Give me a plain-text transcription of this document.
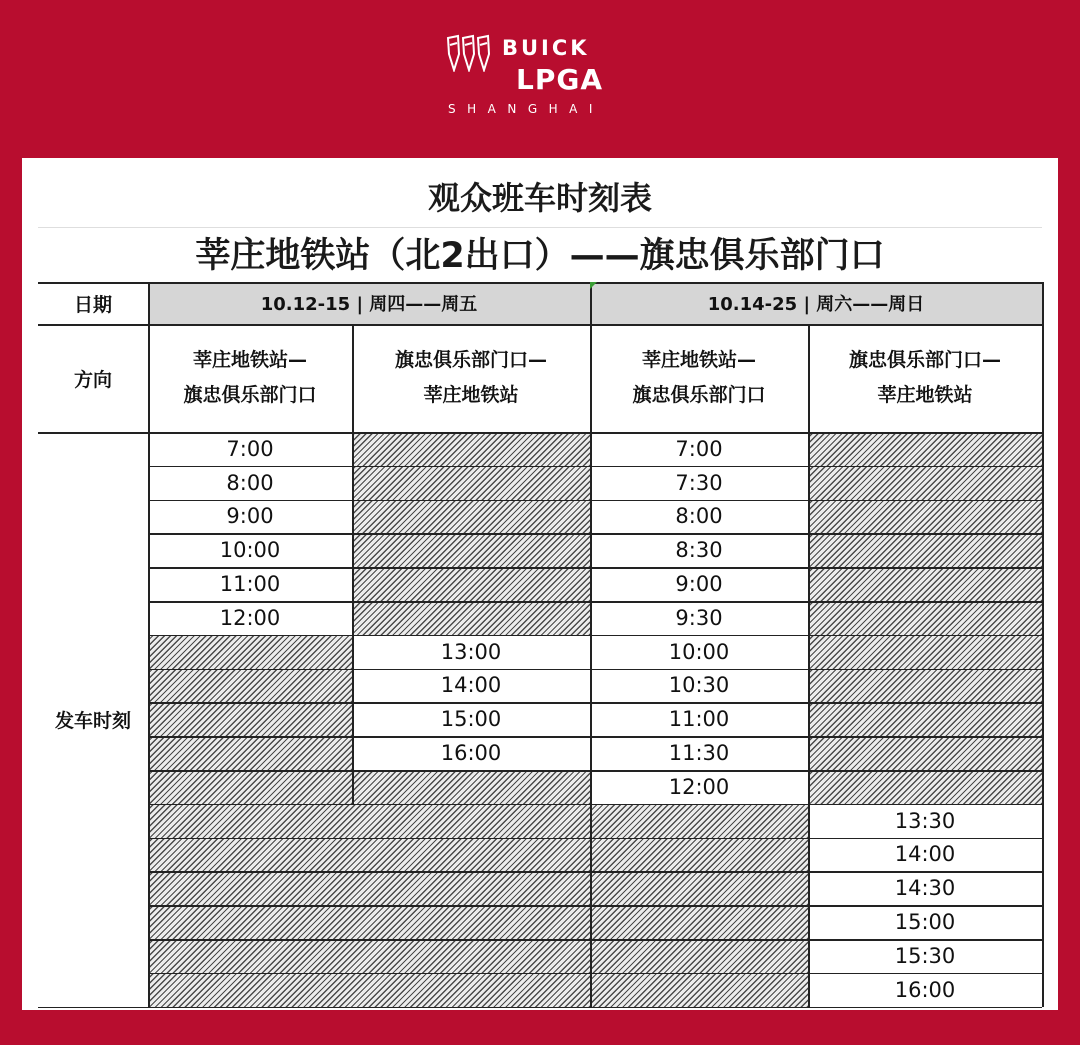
BUICK
LPGA
SHANGHAI
观众班车时刻表
莘庄地铁站（北2出口）——旗忠俱乐部门口
10.12-15 | 周四——周五	10.14-25 | 周六——周日
日期
方向
发车时刻
莘庄地铁站—
旗忠俱乐部门口
旗忠俱乐部门口—
莘庄地铁站
莘庄地铁站—
旗忠俱乐部门口
旗忠俱乐部门口—
莘庄地铁站
7:00
8:00
9:00
10:00
11:00
12:00
13:00
14:00
15:00
16:00
7:00
7:30
8:00
8:30
9:00
9:30
10:00
10:30
11:00
11:30
12:00
13:30
14:00
14:30
15:00
15:30
16:00
